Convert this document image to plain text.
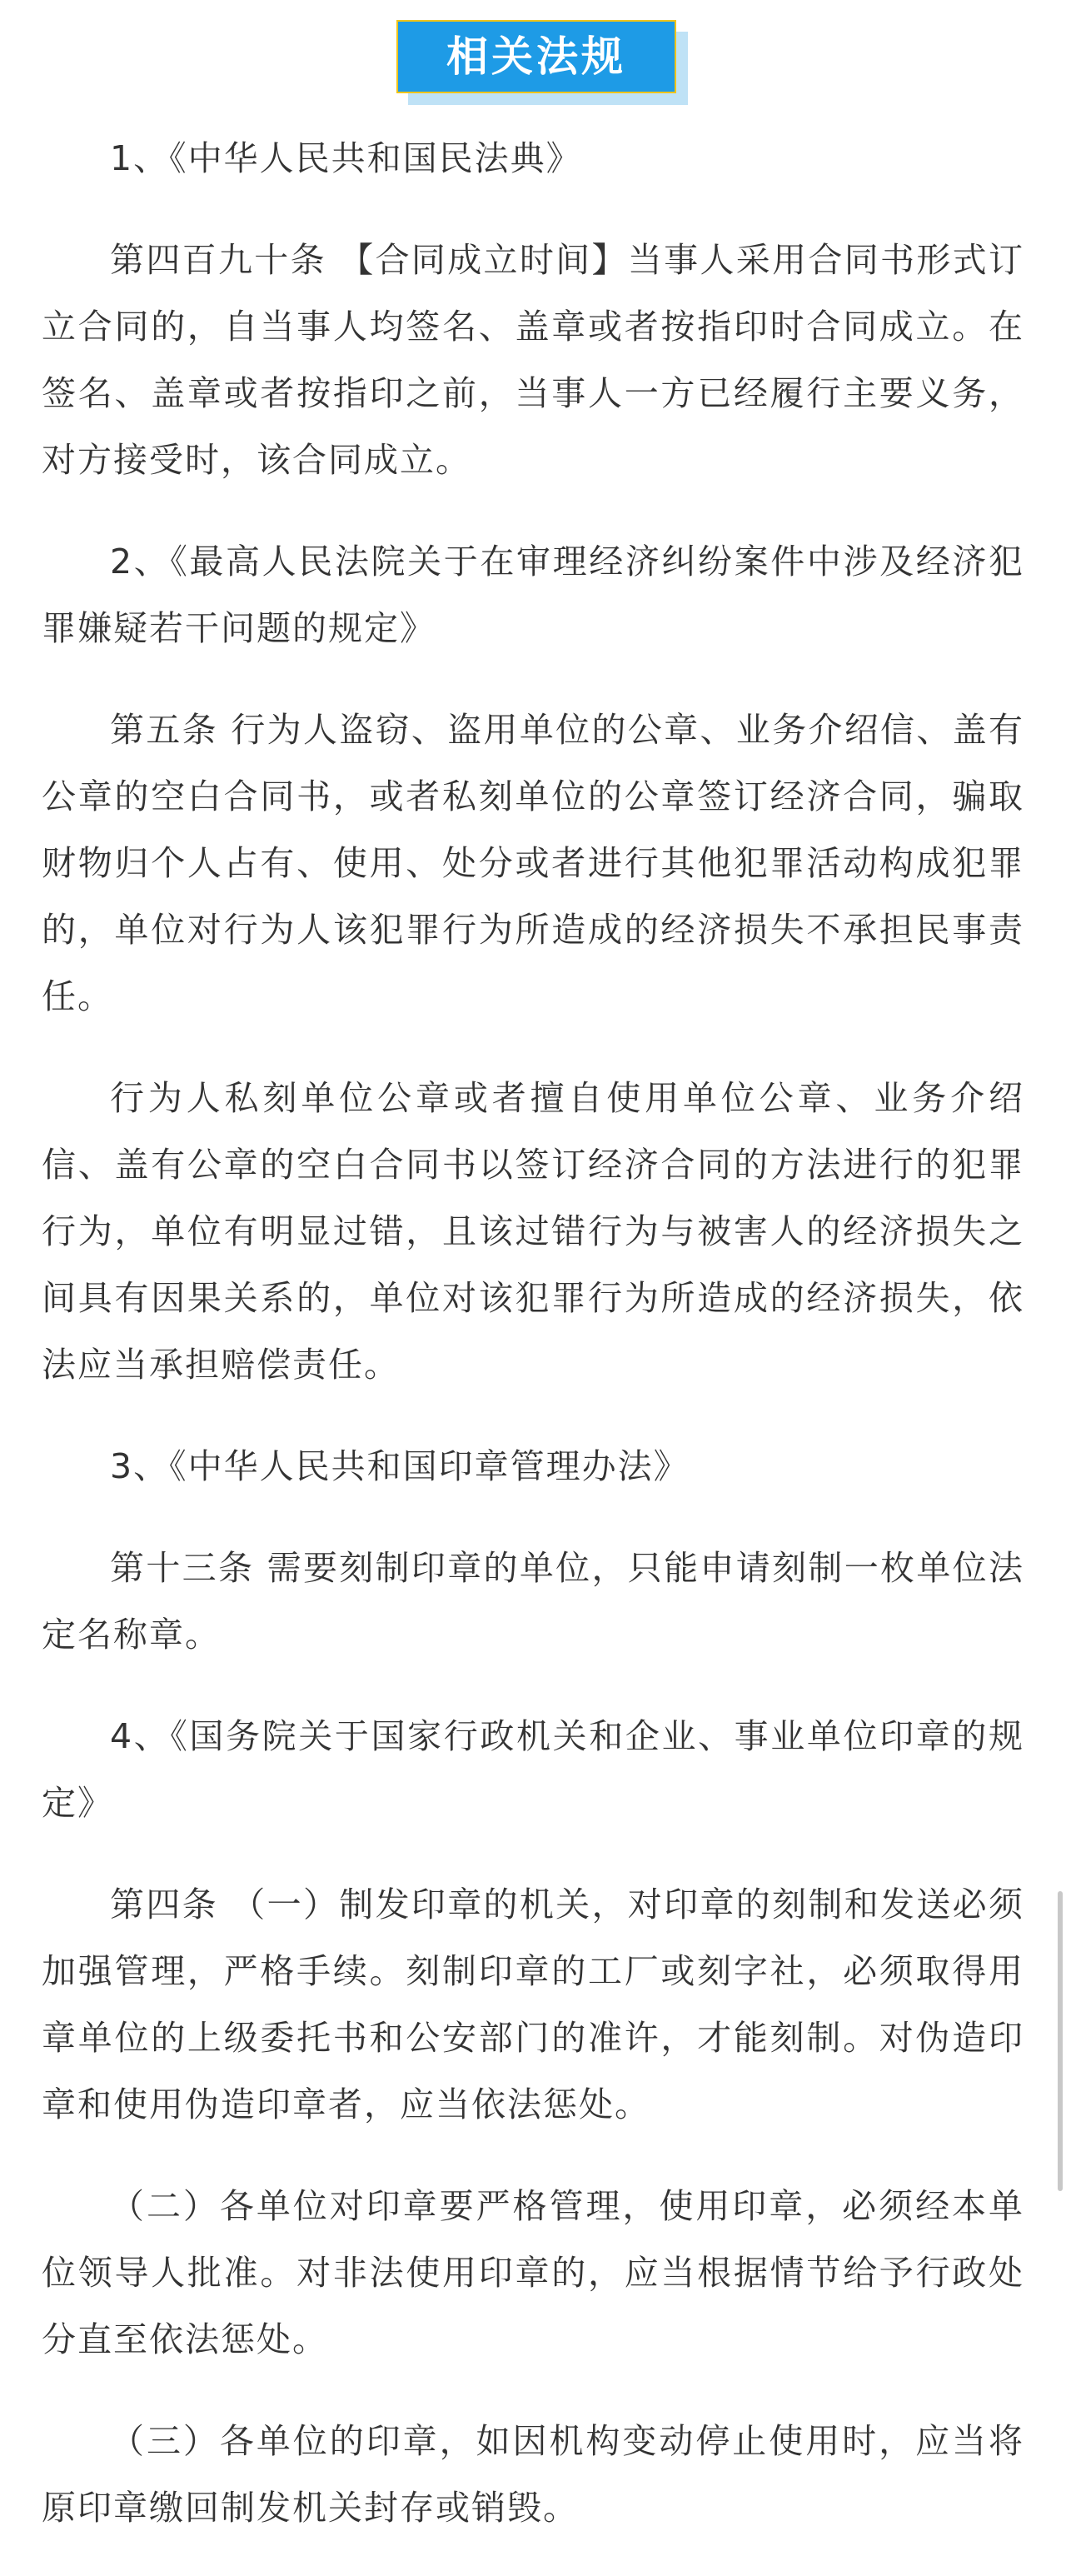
相关法规

1、《中华人民共和国民法典》

第四百九十条 【合同成立时间】当事人采用合同书形式订立合同的，自当事人均签名、盖章或者按指印时合同成立。在签名、盖章或者按指印之前，当事人一方已经履行主要义务，对方接受时，该合同成立。

2、《最高人民法院关于在审理经济纠纷案件中涉及经济犯罪嫌疑若干问题的规定》

第五条 行为人盗窃、盗用单位的公章、业务介绍信、盖有公章的空白合同书，或者私刻单位的公章签订经济合同，骗取财物归个人占有、使用、处分或者进行其他犯罪活动构成犯罪的，单位对行为人该犯罪行为所造成的经济损失不承担民事责任。

行为人私刻单位公章或者擅自使用单位公章、业务介绍信、盖有公章的空白合同书以签订经济合同的方法进行的犯罪行为，单位有明显过错，且该过错行为与被害人的经济损失之间具有因果关系的，单位对该犯罪行为所造成的经济损失，依法应当承担赔偿责任。

3、《中华人民共和国印章管理办法》

第十三条 需要刻制印章的单位，只能申请刻制一枚单位法定名称章。

4、《国务院关于国家行政机关和企业、事业单位印章的规定》

第四条 （一）制发印章的机关，对印章的刻制和发送必须加强管理，严格手续。刻制印章的工厂或刻字社，必须取得用章单位的上级委托书和公安部门的准许，才能刻制。对伪造印章和使用伪造印章者，应当依法惩处。

（二）各单位对印章要严格管理，使用印章，必须经本单位领导人批准。对非法使用印章的，应当根据情节给予行政处分直至依法惩处。

（三）各单位的印章，如因机构变动停止使用时，应当将原印章缴回制发机关封存或销毁。
